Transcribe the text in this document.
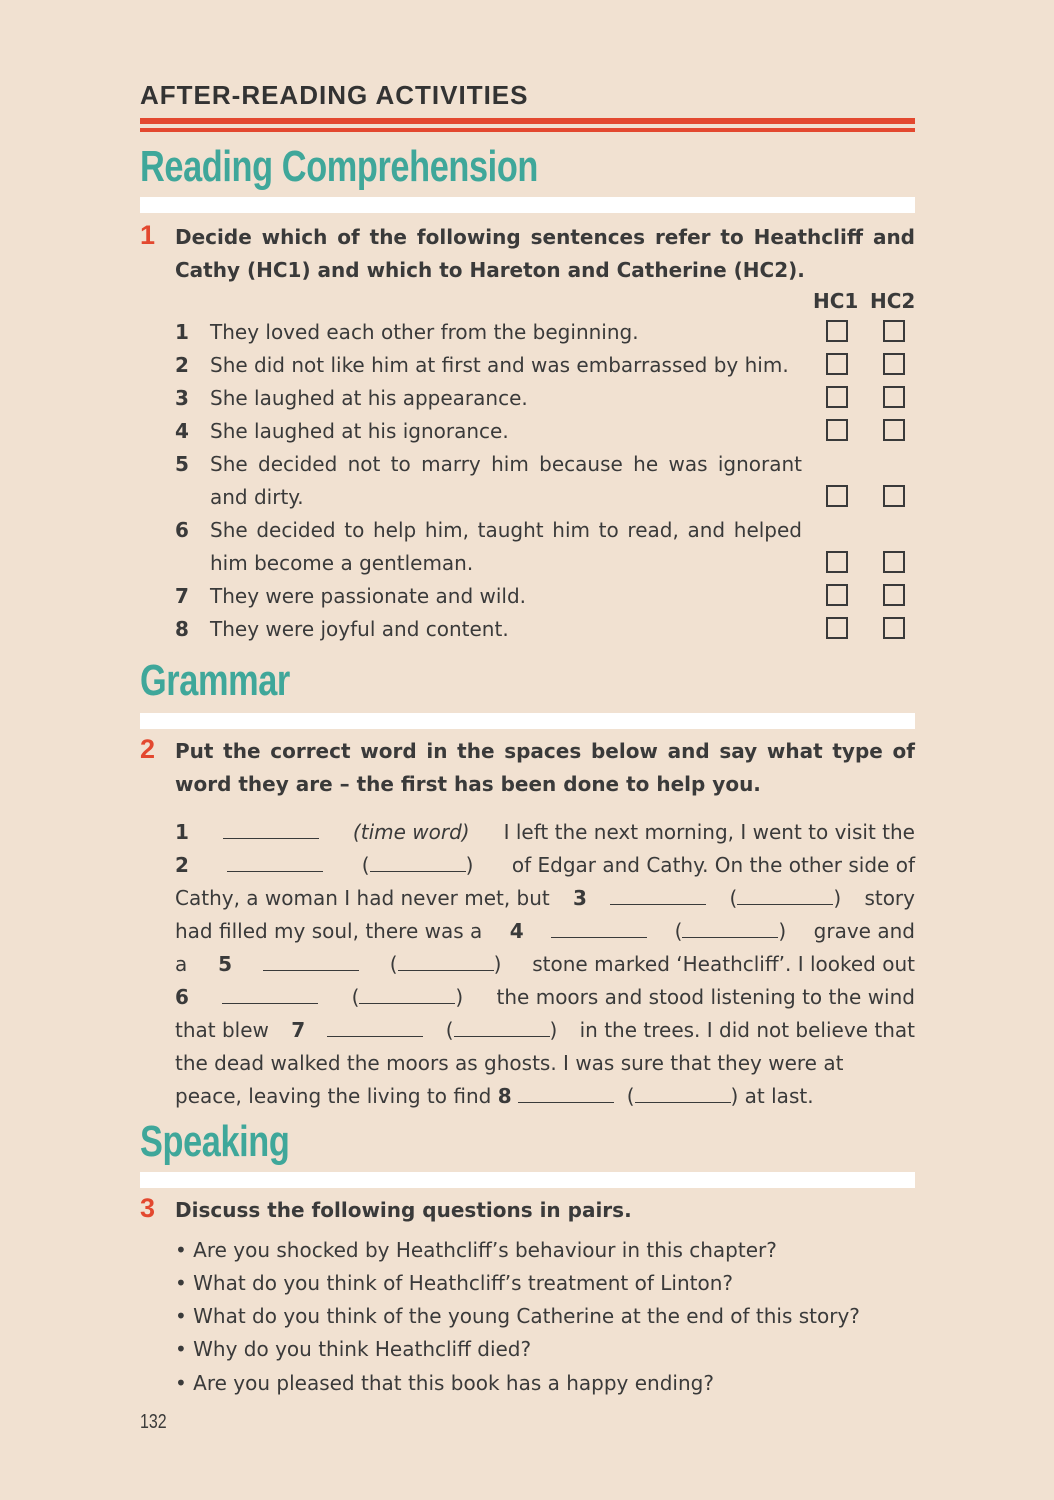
AFTER-READING ACTIVITIES
Reading Comprehension
1 Decide which of the following sentences refer to Heathcliff and Cathy (HC1) and which to Hareton and Catherine (HC2).
HC1 HC2
1 They loved each other from the beginning.
2 She did not like him at first and was embarrassed by him.
3 She laughed at his appearance.
4 She laughed at his ignorance.
5 She decided not to marry him because he was ignorant and dirty.
6 She decided to help him, taught him to read, and helped him become a gentleman.
7 They were passionate and wild.
8 They were joyful and content.
Grammar
2 Put the correct word in the spaces below and say what type of word they are – the first has been done to help you.
1	(time word) I left the next morning, I went to visit the
2	(	) of Edgar and Cathy. On the other side of
Cathy, a woman I had never met, but 3	(	) story
had filled my soul, there was a 4	(	) grave and
a 5	(	) stone marked ‘Heathcliff’. I looked out
6	(	) the moors and stood listening to the wind
that blew 7	(	) in the trees. I did not believe that
the dead walked the moors as ghosts. I was sure that they were at
peace, leaving the living to find
8

	(	)
at last.
Speaking
3 Discuss the following questions in pairs.
• Are you shocked by Heathcliff’s behaviour in this chapter?
• What do you think of Heathcliff’s treatment of Linton?
• What do you think of the young Catherine at the end of this story?
• Why do you think Heathcliff died?
• Are you pleased that this book has a happy ending?
132
